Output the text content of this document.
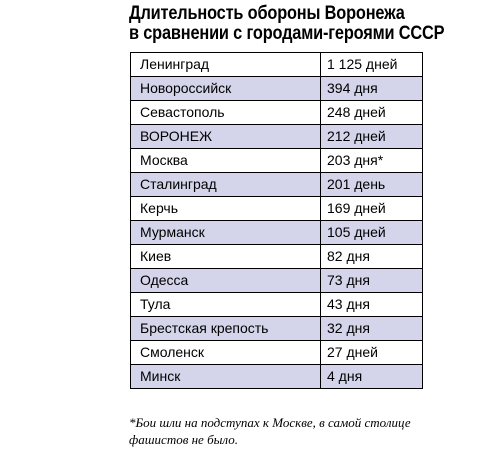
Длительность обороны Воронежа
в сравнении с городами-героями СССР
Ленинград	1 125 дней
Новороссийск	394 дня
Севастополь	248 дней
ВОРОНЕЖ	212 дней
Москва	203 дня*
Сталинград	201 день
Керчь	169 дней
Мурманск	105 дней
Киев	82 дня
Одесса	73 дня
Тула	43 дня
Брестская крепость	32 дня
Смоленск	27 дней
Минск	4 дня
*Бои шли на подступах к Москве, в самой столице
фашистов не было.
